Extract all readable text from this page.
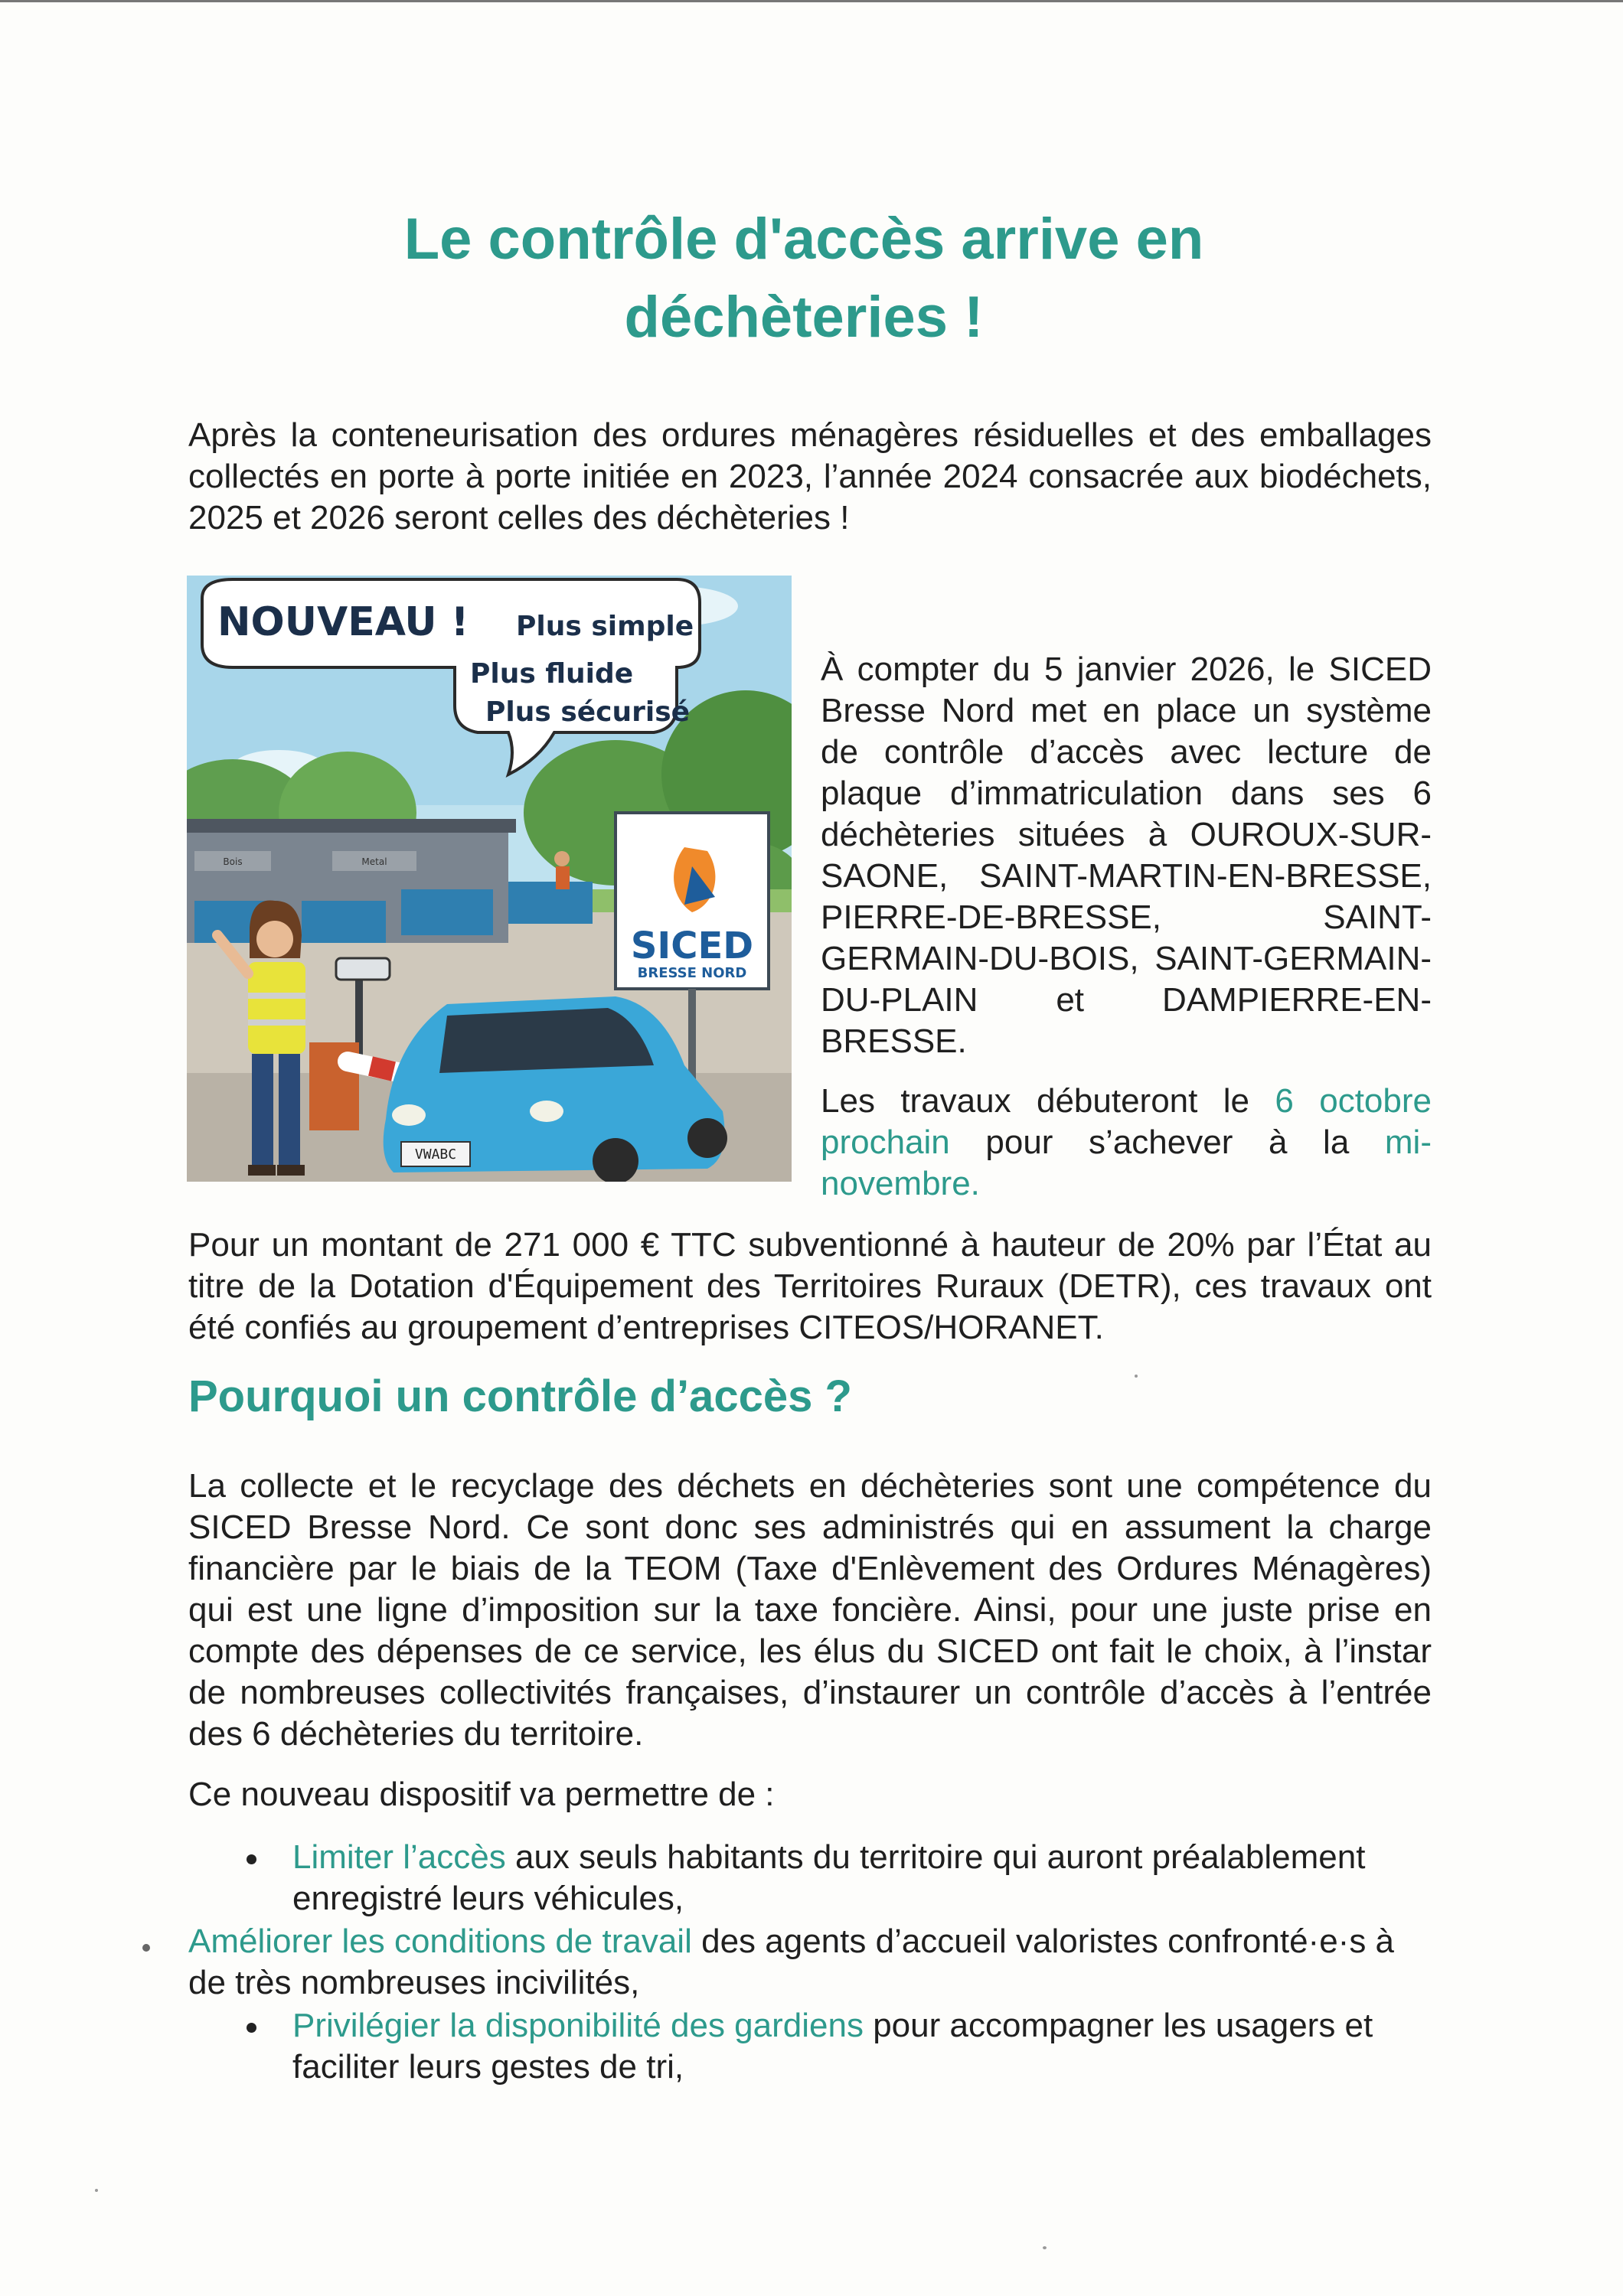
Le contrôle d'accès arrive en
déchèteries !
Après la conteneurisation des ordures ménagères résiduelles et des emballages collectés en porte à porte initiée en 2023, l’année 2024 consacrée aux biodéchets, 2025 et 2026 seront celles des déchèteries !
Bois	Metal
SICED
BRESSE NORD
NOUVEAU ! Plus simple
Plus fluide
Plus sécurisé
VWABC
À compter du 5 janvier 2026, le SICED Bresse Nord met en place un système de contrôle d’accès avec lecture de plaque d’immatriculation dans ses 6 déchèteries situées à OUROUX-SUR-SAONE, SAINT-MARTIN-EN-BRESSE, PIERRE-DE-BRESSE, SAINT-GERMAIN-DU-BOIS, SAINT-GERMAIN-DU-PLAIN et DAMPIERRE-EN-BRESSE.
Les travaux débuteront le 6 octobre prochain pour s’achever à la mi-novembre.
Pour un montant de 271 000 € TTC subventionné à hauteur de 20% par l’État au titre de la Dotation d'Équipement des Territoires Ruraux (DETR), ces travaux ont été confiés au groupement d’entreprises CITEOS/HORANET.
Pourquoi un contrôle d’accès ?
La collecte et le recyclage des déchets en déchèteries sont une compétence du SICED Bresse Nord. Ce sont donc ses administrés qui en assument la charge financière par le biais de la TEOM (Taxe d'Enlèvement des Ordures Ménagères) qui est une ligne d’imposition sur la taxe foncière. Ainsi, pour une juste prise en compte des dépenses de ce service, les élus du SICED ont fait le choix, à l’instar de nombreuses collectivités françaises, d’instaurer un contrôle d’accès à l’entrée des 6 déchèteries du territoire.
Ce nouveau dispositif va permettre de :
Limiter l’accès aux seuls habitants du territoire qui auront préalablement enregistré leurs véhicules,
Améliorer les conditions de travail des agents d’accueil valoristes confronté·e·s à de très nombreuses incivilités,
Privilégier la disponibilité des gardiens pour accompagner les usagers et faciliter leurs gestes de tri,
